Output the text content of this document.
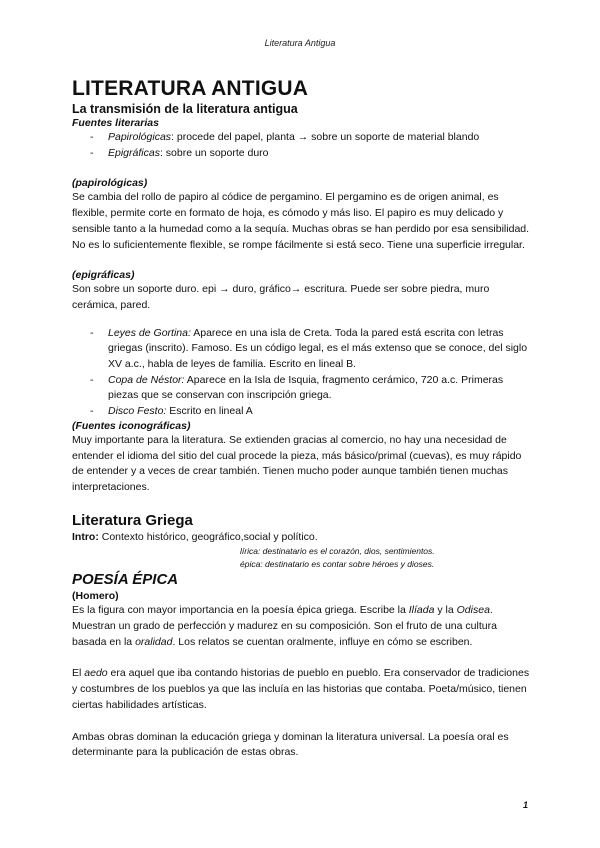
Literatura Antigua
LITERATURA ANTIGUA
La transmisión de la literatura antigua
Fuentes literarias
- Papirológicas: procede del papel, planta → sobre un soporte de material blando
- Epigráficas: sobre un soporte duro
(papirológicas)

Se cambia del rollo de papiro al códice de pergamino. El pergamino es de origen animal, es flexible, permite corte en formato de hoja, es cómodo y más liso. El papiro es muy delicado y sensible tanto a la humedad como a la sequía. Muchas obras se han perdido por esa sensibilidad. No es lo suficientemente flexible, se rompe fácilmente si está seco. Tiene una superficie irregular.

(epigráficas)

Son sobre un soporte duro. epi → duro, gráfico→ escritura. Puede ser sobre piedra, muro cerámica, pared.

- Leyes de Gortina: Aparece en una isla de Creta. Toda la pared está escrita con letras griegas (inscrito). Famoso. Es un código legal, es el más extenso que se conoce, del siglo XV a.c., habla de leyes de familia. Escrito en lineal B.
- Copa de Néstor: Aparece en la Isla de Isquia, fragmento cerámico, 720 a.c. Primeras piezas que se conservan con inscripción griega.
- Disco Festo: Escrito en lineal A
(Fuentes iconográficas)

Muy importante para la literatura. Se extienden gracias al comercio, no hay una necesidad de entender el idioma del sitio del cual procede la pieza, más básico/primal (cuevas), es muy rápido de entender y a veces de crear también. Tienen mucho poder aunque también tienen muchas interpretaciones.

Literatura Griega

Intro: Contexto histórico, geográfico,social y político.

lírica: destinatario es el corazón, dios, sentimientos.
épica: destinatario es contar sobre héroes y dioses.
POESÍA ÉPICA
(Homero)

Es la figura con mayor importancia en la poesía épica griega. Escribe la Ilíada y la Odisea. Muestran un grado de perfección y madurez en su composición. Son el fruto de una cultura basada en la oralidad. Los relatos se cuentan oralmente, influye en cómo se escriben.

El aedo era aquel que iba contando historias de pueblo en pueblo. Era conservador de tradiciones y costumbres de los pueblos ya que las incluía en las historias que contaba. Poeta/músico, tienen ciertas habilidades artísticas.

Ambas obras dominan la educación griega y dominan la literatura universal. La poesía oral es determinante para la publicación de estas obras.

1
